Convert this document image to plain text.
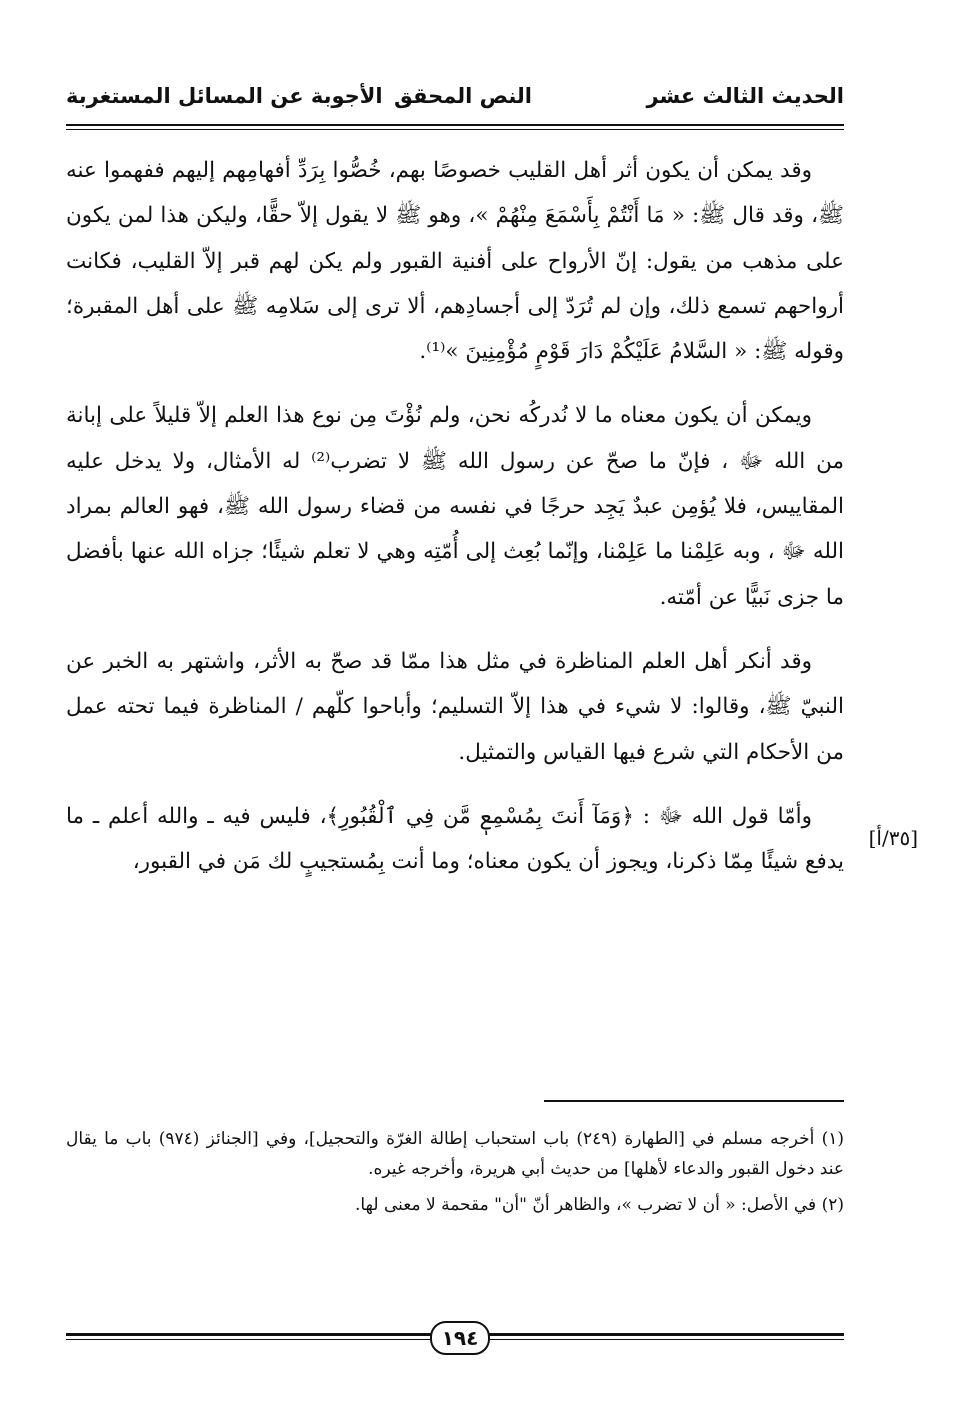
الحديث الثالث عشر
النص المحقق
الأجوبة عن المسائل المستغربة

وقد يمكن أن يكون أثر أهل القليب خصوصًا بهم، خُصُّوا بِرَدِّ أفهامِهم إليهم ففهموا عنه ﷺ، وقد قال ﷺ: « مَا أَنْتُمْ بِأَسْمَعَ مِنْهُمْ »، وهو ﷺ لا يقول إلاّ حقًّا، وليكن هذا لمن يكون على مذهب من يقول: إنّ الأرواح على أفنية القبور ولم يكن لهم قبر إلاّ القليب، فكانت أرواحهم تسمع ذلك، وإن لم تُرَدّ إلى أجسادِهم، ألا ترى إلى سَلامِه ﷺ على أهل المقبرة؛ وقوله ﷺ: « السَّلامُ عَلَيْكُمْ دَارَ قَوْمٍ مُؤْمِنِينَ »⁽¹⁾.

ويمكن أن يكون معناه ما لا نُدركُه نحن، ولم نُؤْتَ مِن نوع هذا العلم إلاّ قليلاً على إبانة من الله ﷻ ، فإنّ ما صحّ عن رسول الله ﷺ لا تضرب⁽²⁾ له الأمثال، ولا يدخل عليه المقاييس، فلا يُؤمِن عبدٌ يَجِد حرجًا في نفسه من قضاء رسول الله ﷺ، فهو العالم بمراد الله ﷻ ، وبه عَلِمْنا ما عَلِمْنا، وإنّما بُعِث إلى أُمّتِه وهي لا تعلم شيئًا؛ جزاه الله عنها بأفضل ما جزى نَبيًّا عن أمّته.

وقد أنكر أهل العلم المناظرة في مثل هذا ممّا قد صحّ به الأثر، واشتهر به الخبر عن النبيّ ﷺ، وقالوا: لا شيء في هذا إلاّ التسليم؛ وأباحوا كلّهم / المناظرة فيما تحته عمل من الأحكام التي شرع فيها القياس والتمثيل.

وأمّا قول الله ﷻ : ﴿وَمَآ أَنتَ بِمُسْمِعٖ مَّن فِي ٱلْقُبُورِ﴾، فليس فيه ـ والله أعلم ـ ما يدفع شيئًا مِمّا ذكرنا، ويجوز أن يكون معناه؛ وما أنت بِمُستجيبٍ لك مَن في القبور،

[٣٥/أ]

(١) أخرجه مسلم في [الطهارة (٢٤٩) باب استحباب إطالة الغرّة والتحجيل]، وفي [الجنائز (٩٧٤) باب ما يقال عند دخول القبور والدعاء لأهلها] من حديث أبي هريرة، وأخرجه غيره.

(٢) في الأصل: « أن لا تضرب »، والظاهر أنّ "أن" مقحمة لا معنى لها.

١٩٤
